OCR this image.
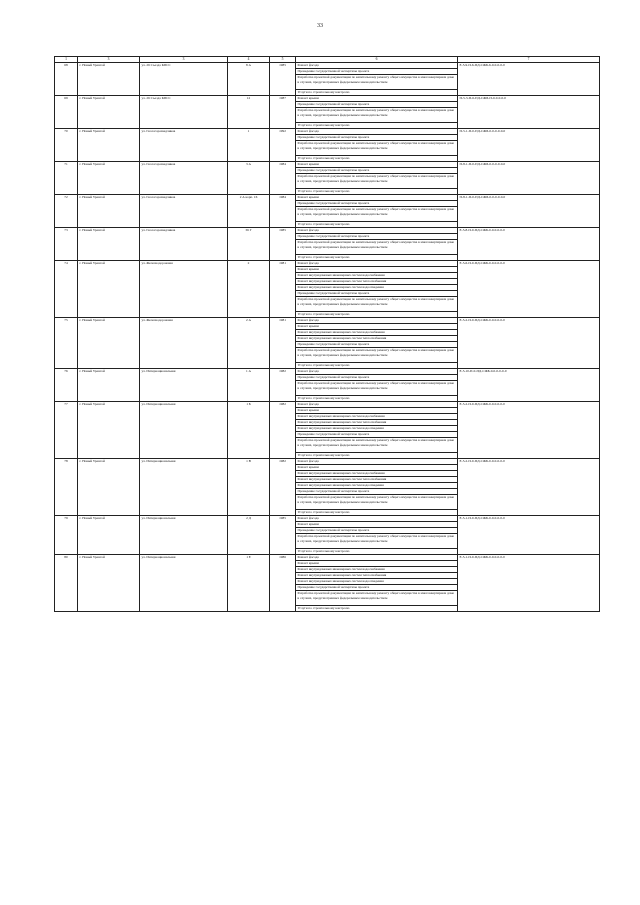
33
1	3	3	4	5	6	7
68	г. Новый Уренгой	ул. 26 Съезда КПСС	8 А	1985	Ремонт фасада	Е-5-9-П-6-ПД-СЖБ-6-0-0-0-0-0
					Проведение государственной экспертизы проекта	
					Разработка проектной документации по капитальному ремонту общего имущества в многоквартирном доме в случаях, предусмотренных федеральным законодательством	
					Услуги по строительному контролю	
69	г. Новый Уренгой	ул. 26 Съезда КПСС	12	1987	Ремонт крыши	П-5-3-П-6-ПД-СЖБ-П-0-0-0-0-0
					Проведение государственной экспертизы проекта	
					Разработка проектной документации по капитальному ремонту общего имущества в многоквартирном доме в случаях, предусмотренных федеральным законодательством	
					Услуги по строительному контролю	
70	г. Новый Уренгой	ул. Геологоразведчиков	1	1992	Ремонт фасада	П-5-1-П-0-ПД-СЖБ-0-0-0-0-0-0
					Проведение государственной экспертизы проекта	
					Разработка проектной документации по капитальному ремонту общего имущества в многоквартирном доме в случаях, предусмотренных федеральным законодательством	
					Услуги по строительному контролю	
71	г. Новый Уренгой	ул. Геологоразведчиков	3 А	1984	Ремонт крыши	П-8-1-П-0-ПД-СЖБ-0-0-0-0-0-0
					Проведение государственной экспертизы проекта	
					Разработка проектной документации по капитальному ремонту общего имущества в многоквартирном доме в случаях, предусмотренных федеральным законодательством	
					Услуги по строительному контролю	
72	г. Новый Уренгой	ул. Геологоразведчиков	2 А корп. 16	1984	Ремонт крыши	П-8-1-П-0-ПД-СЖБ-0-0-0-0-0-0
					Проведение государственной экспертизы проекта	
					Разработка проектной документации по капитальному ремонту общего имущества в многоквартирном доме в случаях, предусмотренных федеральным законодательством	
					Услуги по строительному контролю	
73	г. Новый Уренгой	ул. Геологоразведчиков	36 Г	1985	Ремонт фасада	Е-5-8-П-0-ПД-СЖБ-0-0-0-0-0-0
					Проведение государственной экспертизы проекта	
					Разработка проектной документации по капитальному ремонту общего имущества в многоквартирном доме в случаях, предусмотренных федеральным законодательством	
					Услуги по строительному контролю	
74	г. Новый Уренгой	ул. Железнодорожная	2	1981	Ремонт фасада	Е-5-6-П-0-ПД-СЖБ-0-0-0-0-0-0
					Ремонт крыши	
					Ремонт внутридомовых инженерных систем водоснабжения	
					Ремонт внутридомовых инженерных систем теплоснабжения	
					Ремонт внутридомовых инженерных систем водоотведения	
					Проведение государственной экспертизы проекта	
					Разработка проектной документации по капитальному ремонту общего имущества в многоквартирном доме в случаях, предусмотренных федеральным законодательством	
					Услуги по строительному контролю	
75	г. Новый Уренгой	ул. Железнодорожная	2 А	1981	Ремонт фасада	Е-5-2-П-0-ПД-СЖБ-0-0-0-0-0-0
					Ремонт крыши	
					Ремонт внутридомовых инженерных систем водоснабжения	
					Ремонт внутридомовых инженерных систем теплоснабжения	
					Проведение государственной экспертизы проекта	
					Разработка проектной документации по капитальному ремонту общего имущества в многоквартирном доме в случаях, предусмотренных федеральным законодательством	
					Услуги по строительному контролю	
76	г. Новый Уренгой	ул. Интернациональная	1 А	1982	Ремонт фасада	Е-5-10-П-0-ПД-СЖБ-0-0-0-0-0-0
					Проведение государственной экспертизы проекта	
					Разработка проектной документации по капитальному ремонту общего имущества в многоквартирном доме в случаях, предусмотренных федеральным законодательством	
					Услуги по строительному контролю	
77	г. Новый Уренгой	ул. Интернациональная	1 Б	1982	Ремонт фасада	Е-5-2-П-0-ПД-СЖБ-0-0-0-0-0-0
					Ремонт крыши	
					Ремонт внутридомовых инженерных систем водоснабжения	
					Ремонт внутридомовых инженерных систем теплоснабжения	
					Ремонт внутридомовых инженерных систем водоотведения	
					Проведение государственной экспертизы проекта	
					Разработка проектной документации по капитальному ремонту общего имущества в многоквартирном доме в случаях, предусмотренных федеральным законодательством	
					Услуги по строительному контролю	
78	г. Новый Уренгой	ул. Интернациональная	1 В	1982	Ремонт фасада	Е-5-2-П-0-ПД-СЖБ-0-0-0-0-0-0
					Ремонт крыши	
					Ремонт внутридомовых инженерных систем водоснабжения	
					Ремонт внутридомовых инженерных систем теплоснабжения	
					Ремонт внутридомовых инженерных систем водоотведения	
					Проведение государственной экспертизы проекта	
					Разработка проектной документации по капитальному ремонту общего имущества в многоквартирном доме в случаях, предусмотренных федеральным законодательством	
					Услуги по строительному контролю	
79	г. Новый Уренгой	ул. Интернациональная	2 Д	1985	Ремонт фасада	Е-5-1-П-0-ПД-СЖБ-0-0-0-0-0-0
					Ремонт крыши	
					Проведение государственной экспертизы проекта	
					Разработка проектной документации по капитальному ремонту общего имущества в многоквартирном доме в случаях, предусмотренных федеральным законодательством	
					Услуги по строительному контролю	
80	г. Новый Уренгой	ул. Интернациональная	1 Е	1986	Ремонт фасада	Е-5-1-П-0-ПД-СЖБ-0-0-0-0-0-0
					Ремонт крыши	
					Ремонт внутридомовых инженерных систем водоснабжения	
					Ремонт внутридомовых инженерных систем теплоснабжения	
					Ремонт внутридомовых инженерных систем водоотведения	
					Проведение государственной экспертизы проекта	
					Разработка проектной документации по капитальному ремонту общего имущества в многоквартирном доме в случаях, предусмотренных федеральным законодательством	
					Услуги по строительному контролю	
